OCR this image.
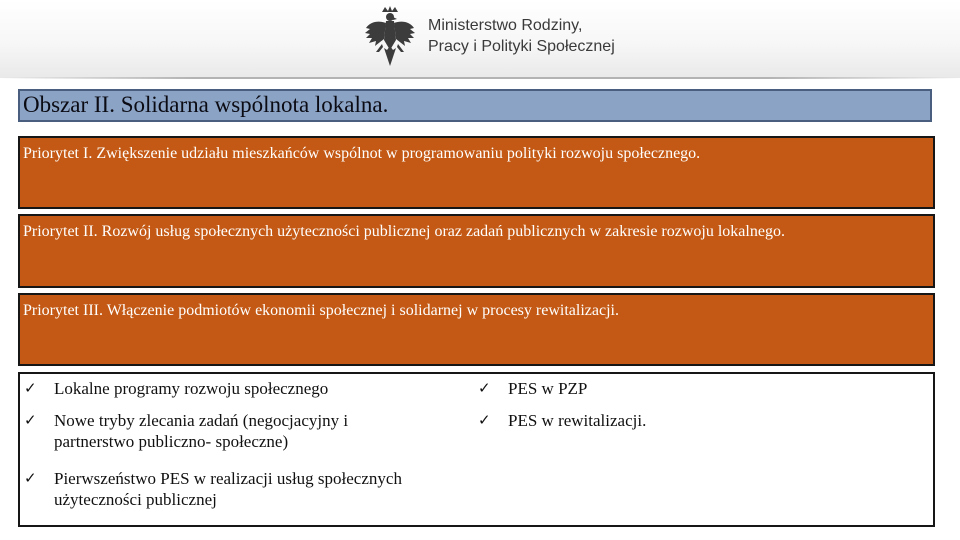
Ministerstwo Rodziny,
Pracy i Polityki Społecznej
Obszar II. Solidarna wspólnota lokalna.
Priorytet I. Zwiększenie udziału mieszkańców wspólnot w programowaniu polityki rozwoju społecznego.
Priorytet II. Rozwój usług społecznych użyteczności publicznej oraz zadań publicznych w zakresie rozwoju lokalnego.
Priorytet III. Włączenie podmiotów ekonomii społecznej i solidarnej w procesy rewitalizacji.
✓	Lokalne programy rozwoju społecznego
✓	Nowe tryby zlecania zadań (negocjacyjny i
partnerstwo publiczno- społeczne)
✓	Pierwszeństwo PES w realizacji usług społecznych
użyteczności publicznej
✓	PES w PZP
✓	PES w rewitalizacji.
